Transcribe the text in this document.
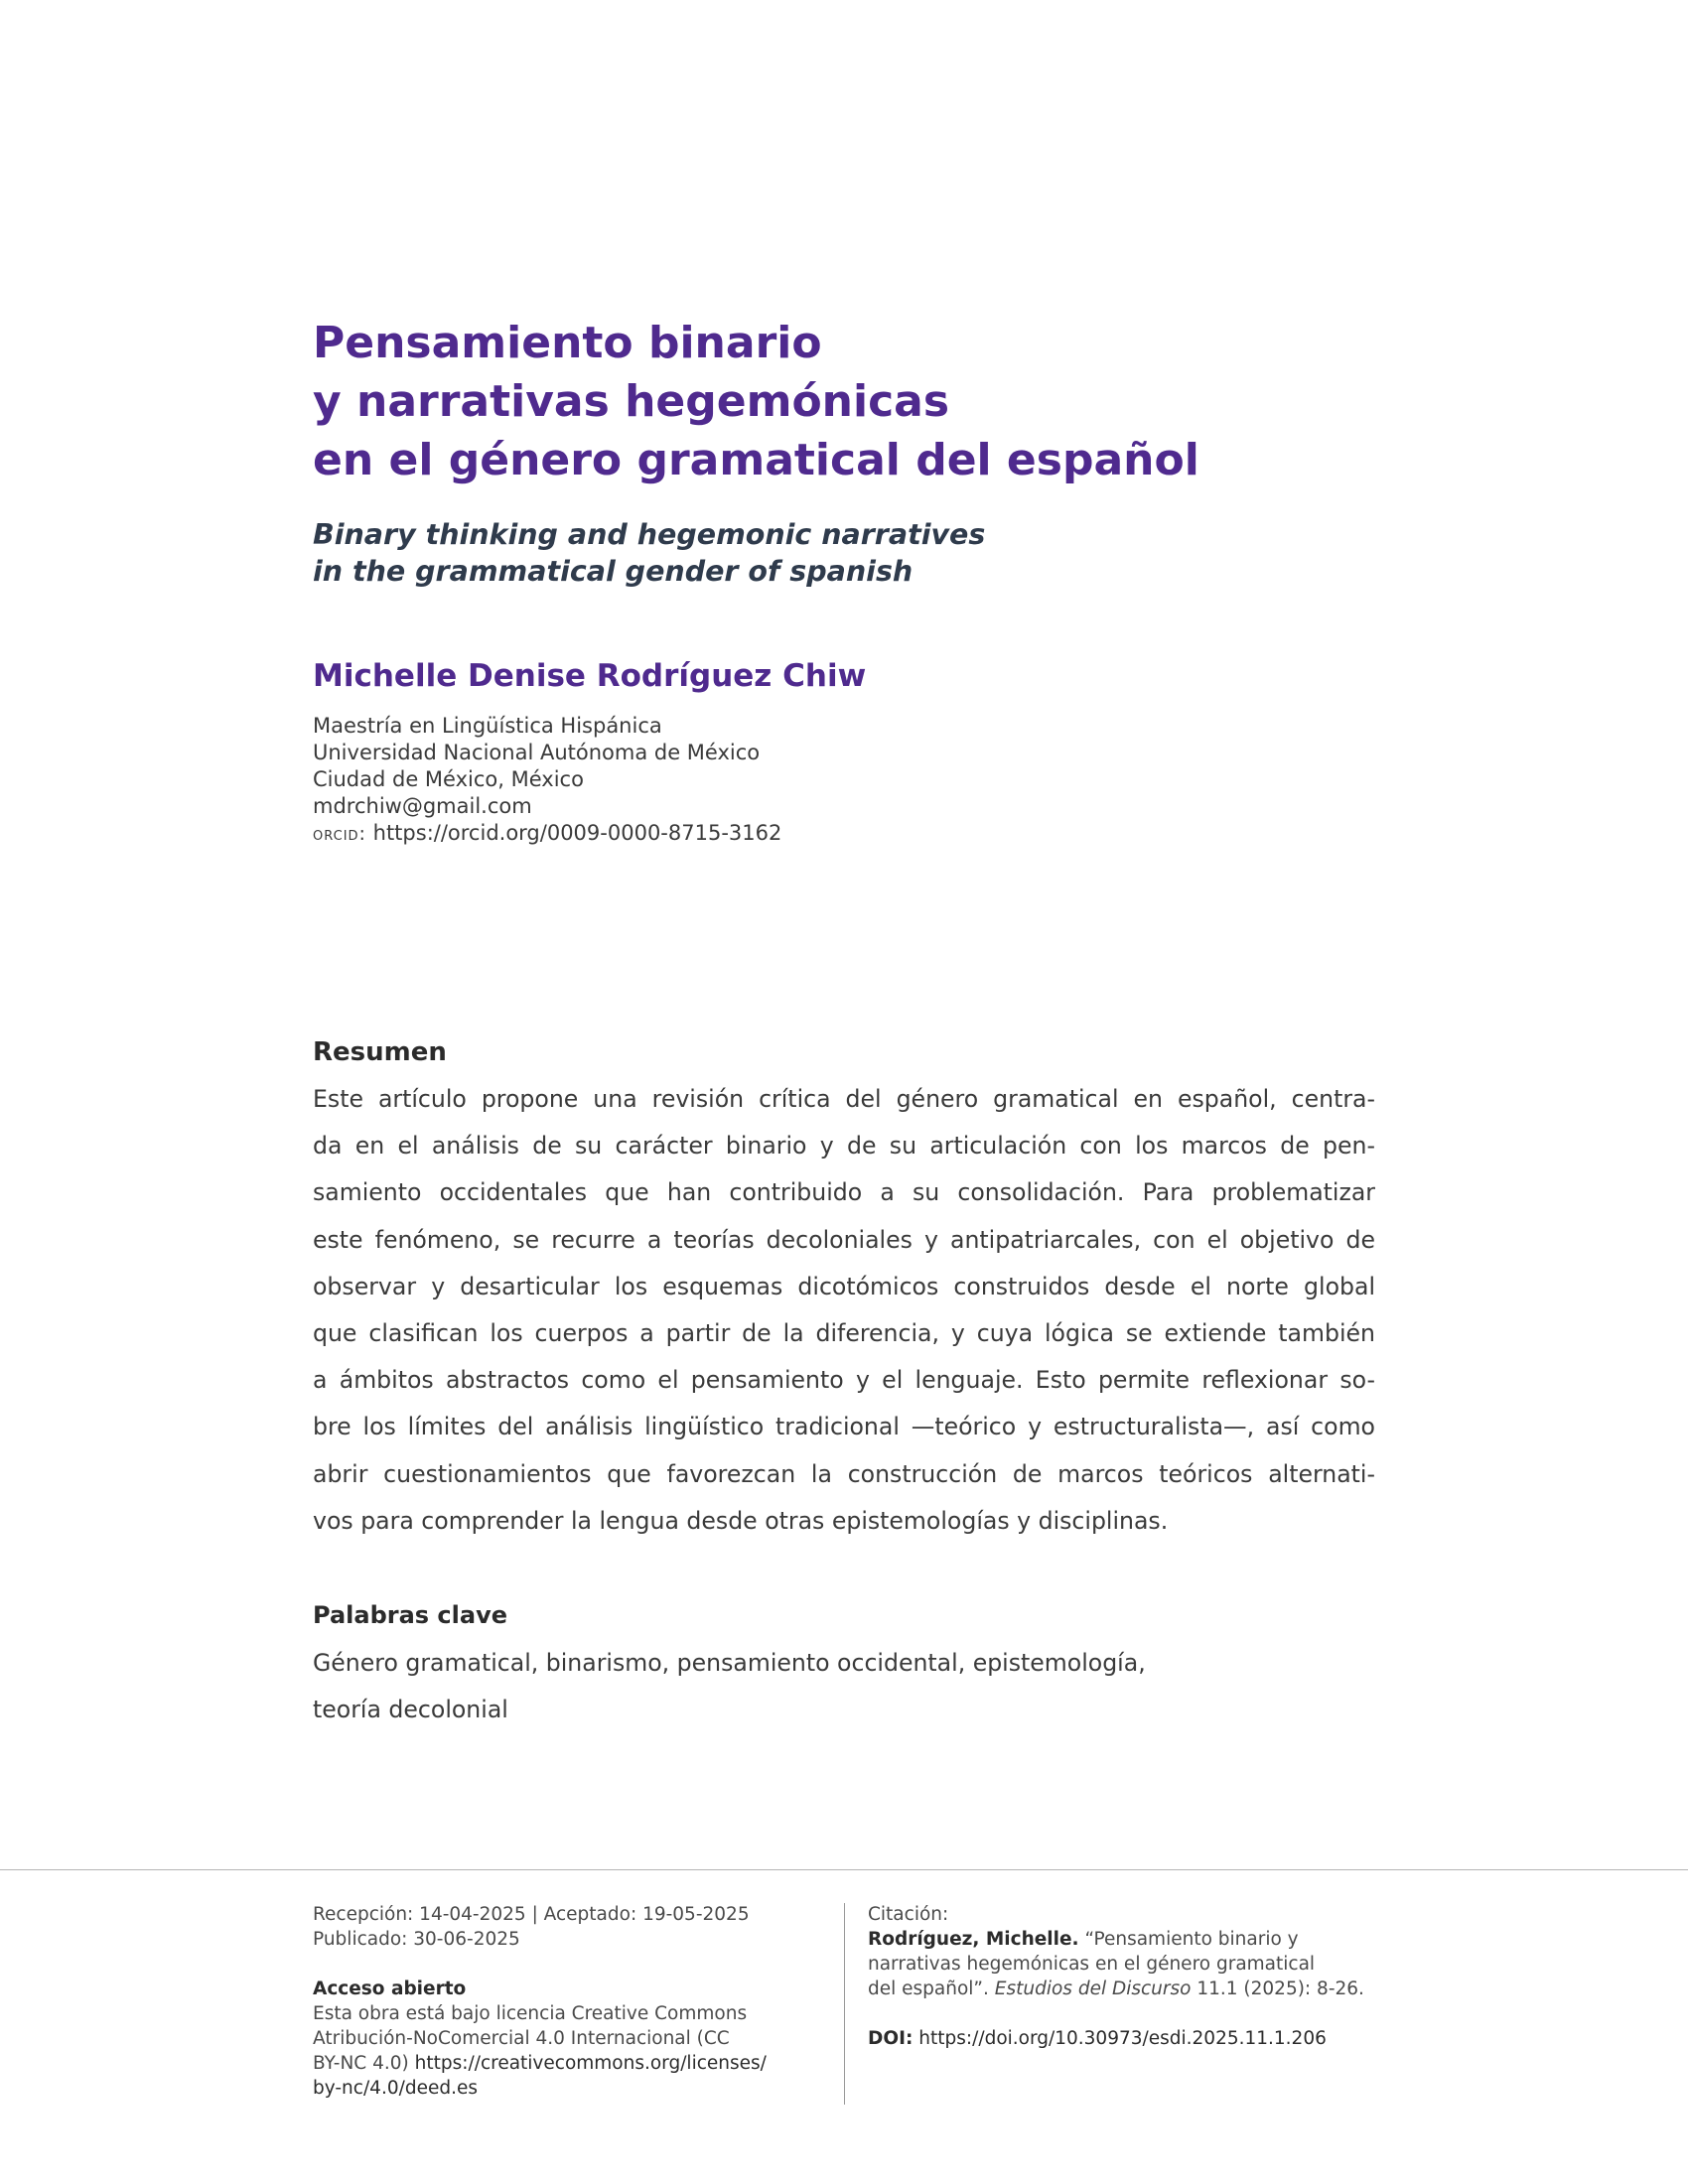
Pensamiento binario
y narrativas hegemónicas
en el género gramatical del español
Binary thinking and hegemonic narratives
in the grammatical gender of spanish
Michelle Denise Rodríguez Chiw
Maestría en Lingüística Hispánica
Universidad Nacional Autónoma de México
Ciudad de México, México
mdrchiw@gmail.com
orcid: https://orcid.org/0009-0000-8715-3162
Resumen

Este artículo propone una revisión crítica del género gramatical en español, centra-
da en el análisis de su carácter binario y de su articulación con los marcos de pen-
samiento occidentales que han contribuido a su consolidación. Para problematizar
este fenómeno, se recurre a teorías decoloniales y antipatriarcales, con el objetivo de
observar y desarticular los esquemas dicotómicos construidos desde el norte global
que clasifican los cuerpos a partir de la diferencia, y cuya lógica se extiende también
a ámbitos abstractos como el pensamiento y el lenguaje. Esto permite reflexionar so-
bre los límites del análisis lingüístico tradicional —teórico y estructuralista—, así como
abrir cuestionamientos que favorezcan la construcción de marcos teóricos alternati-
vos para comprender la lengua desde otras epistemologías y disciplinas.

Palabras clave

Género gramatical, binarismo, pensamiento occidental, epistemología,
teoría decolonial

Recepción: 14-04-2025 | Aceptado: 19-05-2025
Publicado: 30-06-2025
Acceso abierto
Esta obra está bajo licencia Creative Commons
Atribución-NoComercial 4.0 Internacional (CC
BY-NC 4.0) https://creativecommons.org/licenses/
by-nc/4.0/deed.es
Citación:
Rodríguez, Michelle. “Pensamiento binario y
narrativas hegemónicas en el género gramatical
del español”. Estudios del Discurso 11.1 (2025): 8-26.
DOI: https://doi.org/10.30973/esdi.2025.11.1.206
